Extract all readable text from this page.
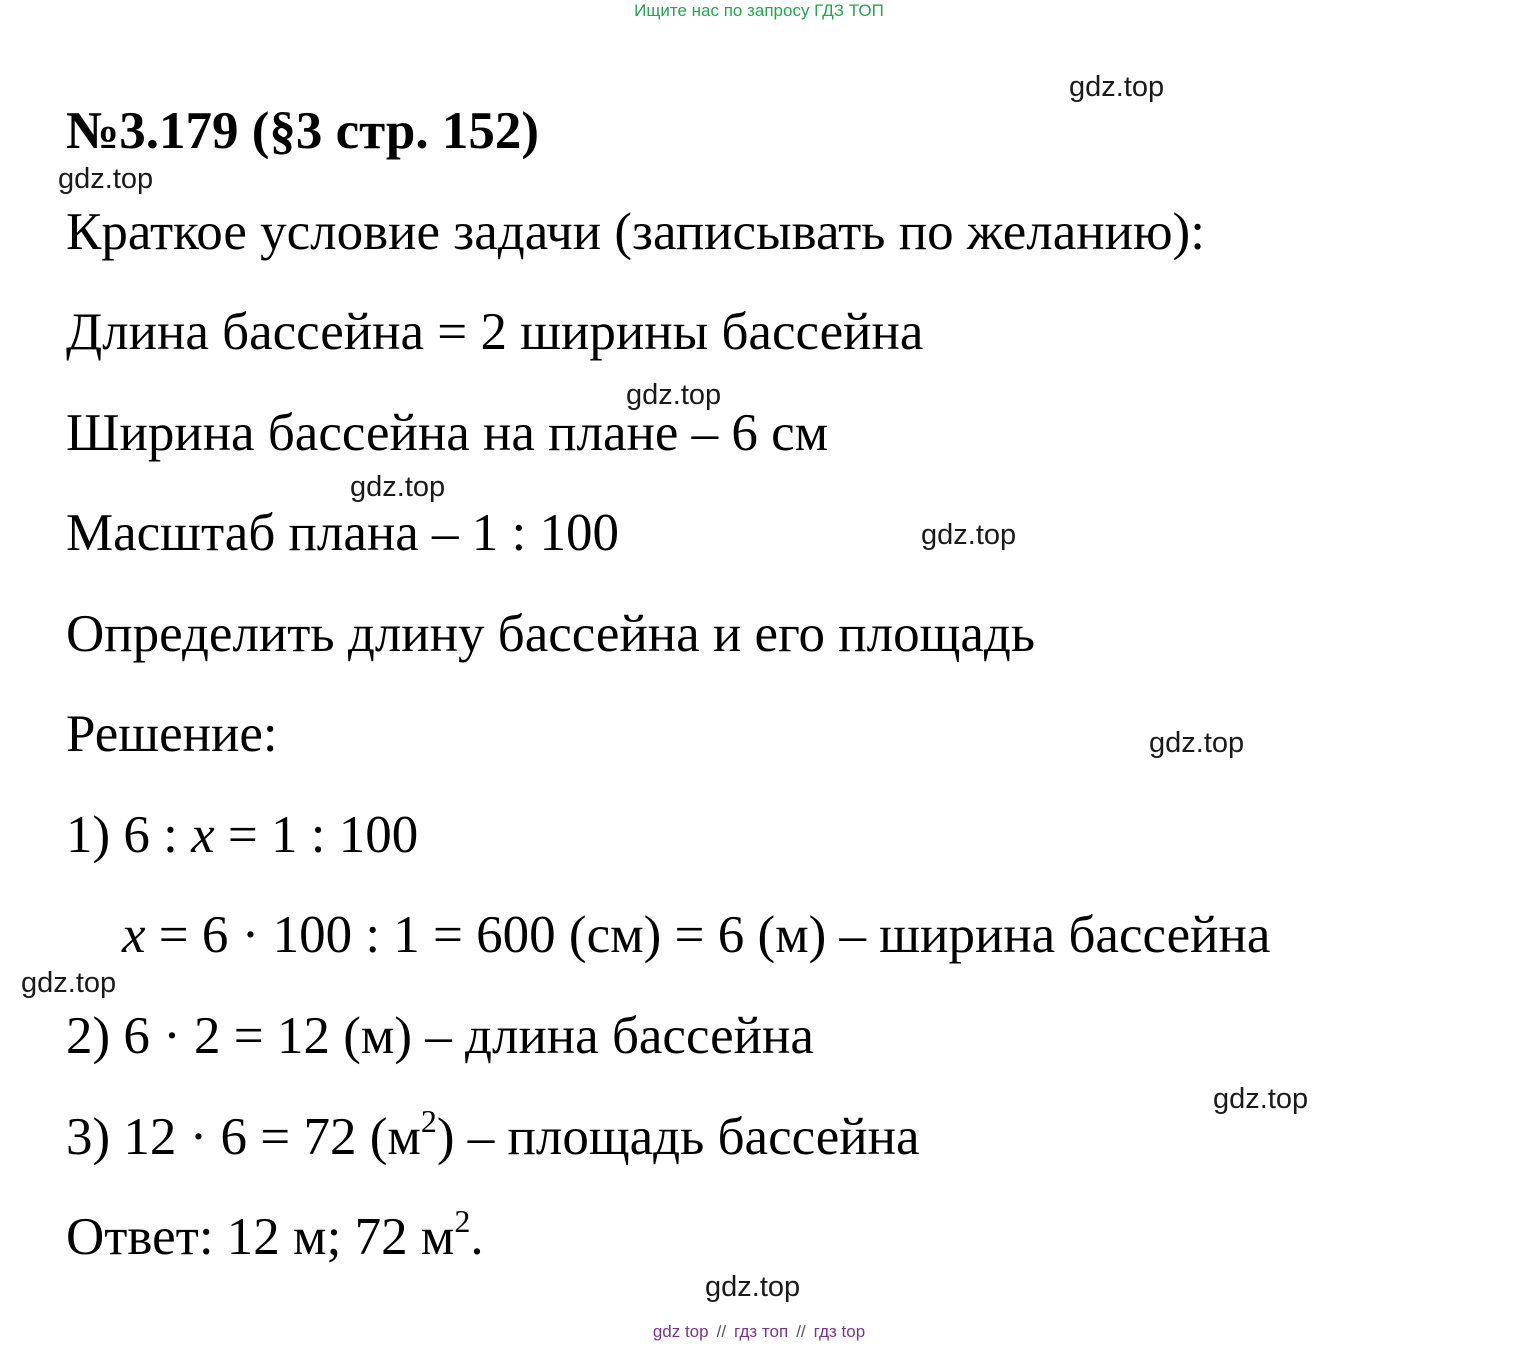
Ищите нас по запросу ГДЗ ТОП
№3.179 (§3 стр. 152)
Краткое условие задачи (записывать по желанию):
Длина бассейна = 2 ширины бассейна
Ширина бассейна на плане – 6 см
Масштаб плана – 1 : 100
Определить длину бассейна и его площадь
Решение:
1) 6 : x = 1 : 100
x = 6 · 100 : 1 = 600 (см) = 6 (м) – ширина бассейна
2) 6 · 2 = 12 (м) – длина бассейна
3) 12 · 6 = 72 $(м^2)$ – площадь бассейна
Ответ: 12 м; 72 $м^2$.
gdz.top
gdz.top
gdz.top
gdz.top
gdz.top
gdz.top
gdz.top
gdz.top
gdz.top
gdz top // гдз топ // гдз top
